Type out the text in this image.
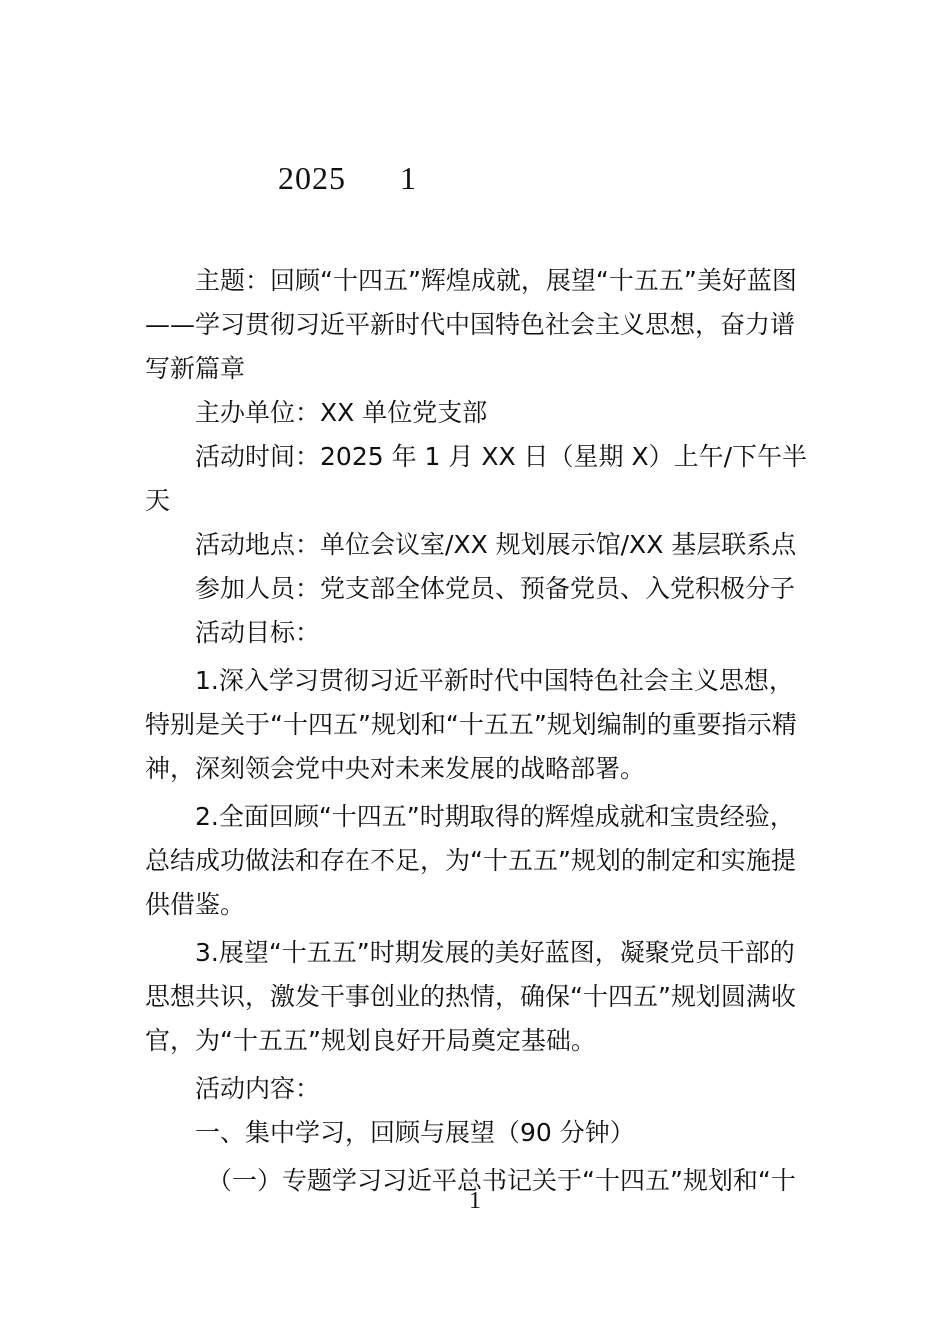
2025      1

主题：回顾“十四五”辉煌成就，展望“十五五”美好蓝图——学习贯彻习近平新时代中国特色社会主义思想，奋力谱写新篇章

主办单位：XX 单位党支部

活动时间：2025 年 1 月 XX 日（星期 X）上午/下午半天

活动地点：单位会议室/XX 规划展示馆/XX 基层联系点

参加人员：党支部全体党员、预备党员、入党积极分子

活动目标：

1.深入学习贯彻习近平新时代中国特色社会主义思想，特别是关于“十四五”规划和“十五五”规划编制的重要指示精神，深刻领会党中央对未来发展的战略部署。

2.全面回顾“十四五”时期取得的辉煌成就和宝贵经验，总结成功做法和存在不足，为“十五五”规划的制定和实施提供借鉴。

3.展望“十五五”时期发展的美好蓝图，凝聚党员干部的思想共识，激发干事创业的热情，确保“十四五”规划圆满收官，为“十五五”规划良好开局奠定基础。

活动内容：

一、集中学习，回顾与展望（90 分钟）

（一）专题学习习近平总书记关于“十四五”规划和“十

1
